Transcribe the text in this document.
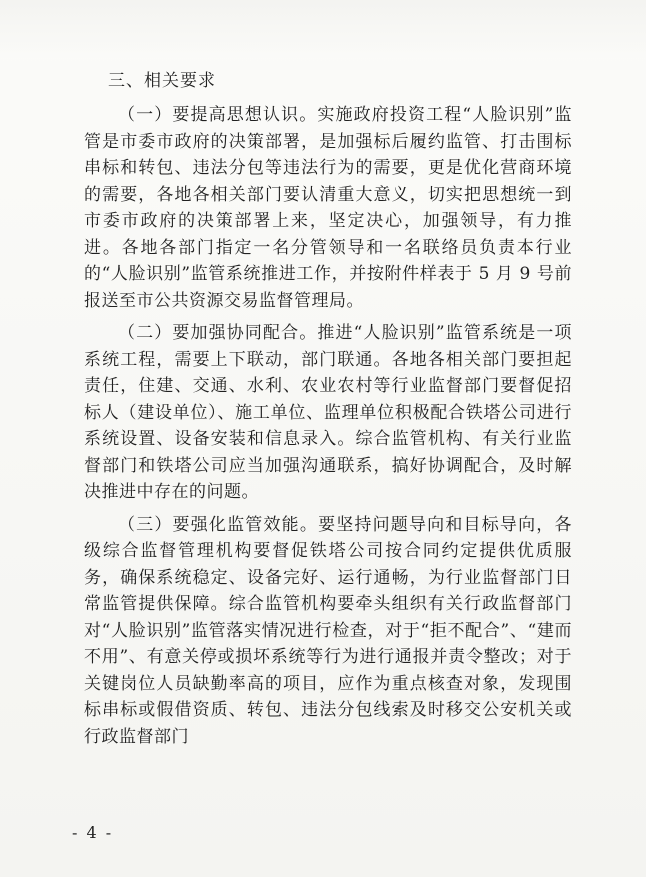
三、相关要求

（一）要提高思想认识。实施政府投资工程“人脸识别”监管是市委市政府的决策部署，是加强标后履约监管、打击围标串标和转包、违法分包等违法行为的需要，更是优化营商环境的需要，各地各相关部门要认清重大意义，切实把思想统一到市委市政府的决策部署上来，坚定决心，加强领导，有力推进。各地各部门指定一名分管领导和一名联络员负责本行业的“人脸识别”监管系统推进工作，并按附件样表于 5 月 9 号前报送至市公共资源交易监督管理局。

（二）要加强协同配合。推进“人脸识别”监管系统是一项系统工程，需要上下联动，部门联通。各地各相关部门要担起责任，住建、交通、水利、农业农村等行业监督部门要督促招标人（建设单位）、施工单位、监理单位积极配合铁塔公司进行系统设置、设备安装和信息录入。综合监管机构、有关行业监督部门和铁塔公司应当加强沟通联系，搞好协调配合，及时解决推进中存在的问题。

（三）要强化监管效能。要坚持问题导向和目标导向，各级综合监督管理机构要督促铁塔公司按合同约定提供优质服务，确保系统稳定、设备完好、运行通畅，为行业监督部门日常监管提供保障。综合监管机构要牵头组织有关行政监督部门对“人脸识别”监管落实情况进行检查，对于“拒不配合”、“建而不用”、有意关停或损坏系统等行为进行通报并责令整改；对于关键岗位人员缺勤率高的项目，应作为重点核查对象，发现围标串标或假借资质、转包、违法分包线索及时移交公安机关或行政监督部门

- 4 -
